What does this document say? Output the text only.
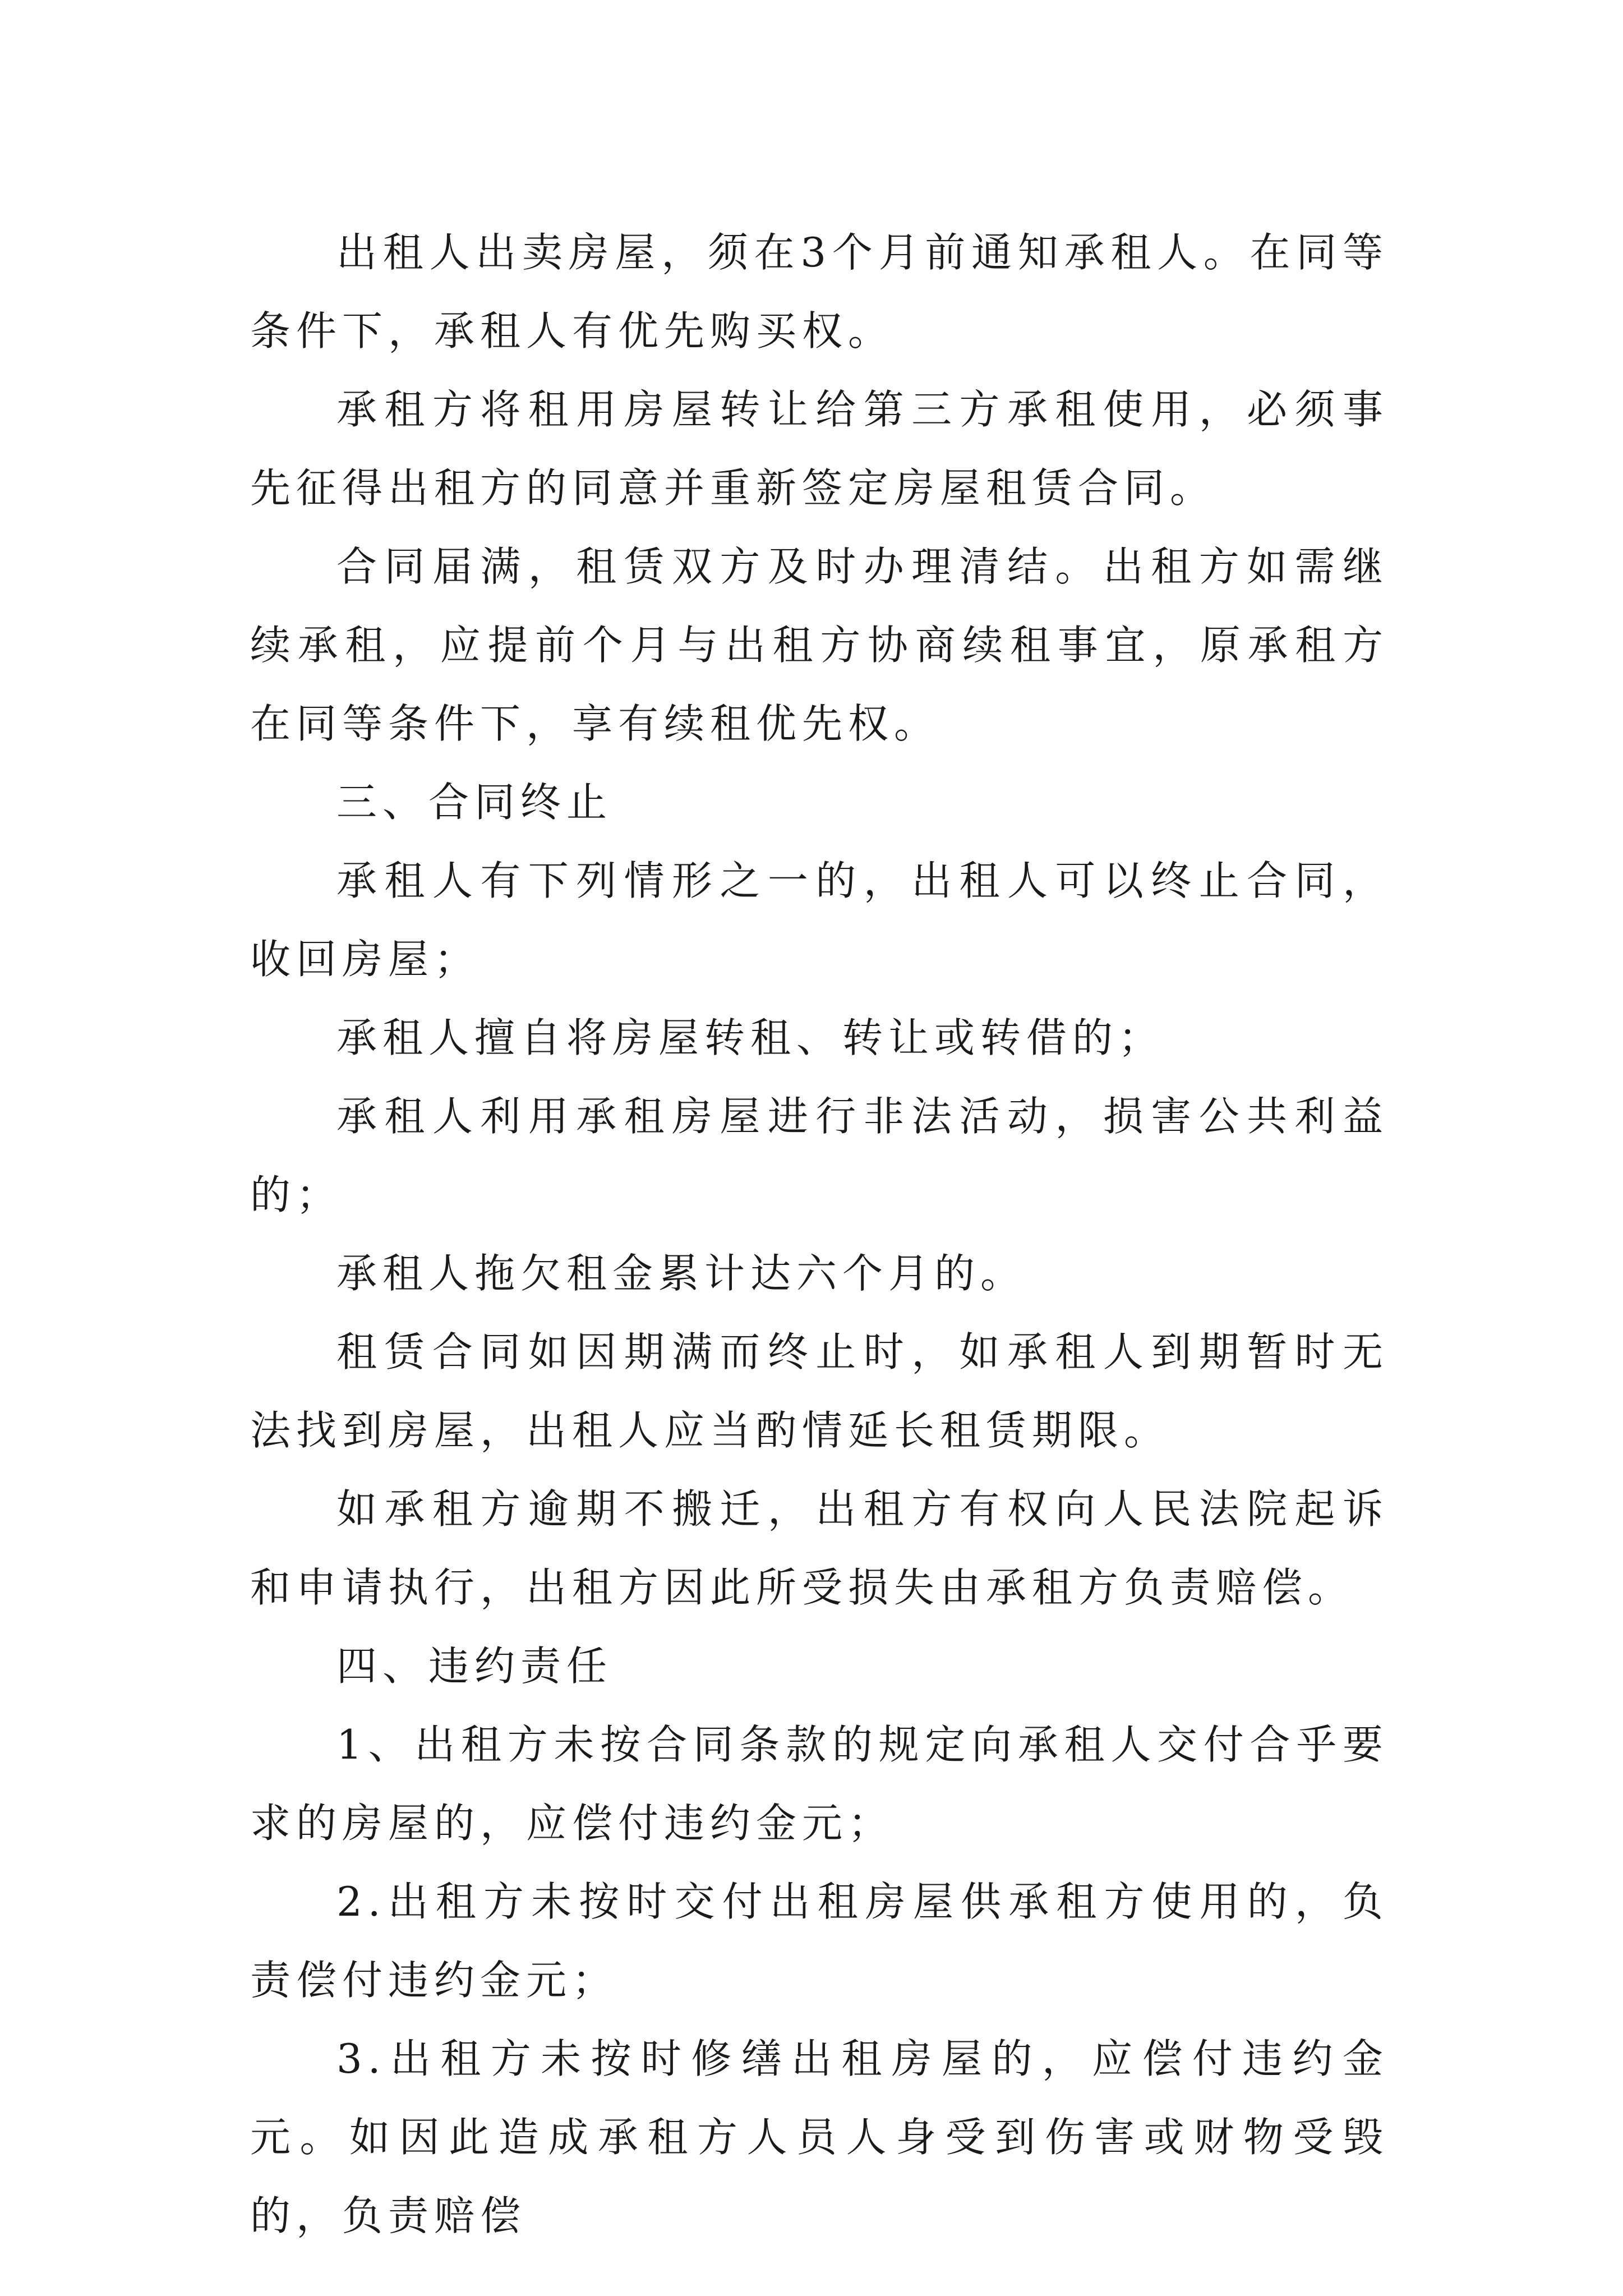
出租人出卖房屋，须在3个月前通知承租人。在同等条件下，承租人有优先购买权。

承租方将租用房屋转让给第三方承租使用，必须事先征得出租方的同意并重新签定房屋租赁合同。

合同届满，租赁双方及时办理清结。出租方如需继续承租，应提前个月与出租方协商续租事宜，原承租方在同等条件下，享有续租优先权。

三、合同终止

承租人有下列情形之一的，出租人可以终止合同，收回房屋；

承租人擅自将房屋转租、转让或转借的；

承租人利用承租房屋进行非法活动，损害公共利益的；

承租人拖欠租金累计达六个月的。

租赁合同如因期满而终止时，如承租人到期暂时无法找到房屋，出租人应当酌情延长租赁期限。

如承租方逾期不搬迁，出租方有权向人民法院起诉和申请执行，出租方因此所受损失由承租方负责赔偿。

四、违约责任

1、出租方未按合同条款的规定向承租人交付合乎要求的房屋的，应偿付违约金元；

2.出租方未按时交付出租房屋供承租方使用的，负责偿付违约金元；

3.出租方未按时修缮出租房屋的，应偿付违约金元。如因此造成承租方人员人身受到伤害或财物受毁的，负责赔偿
